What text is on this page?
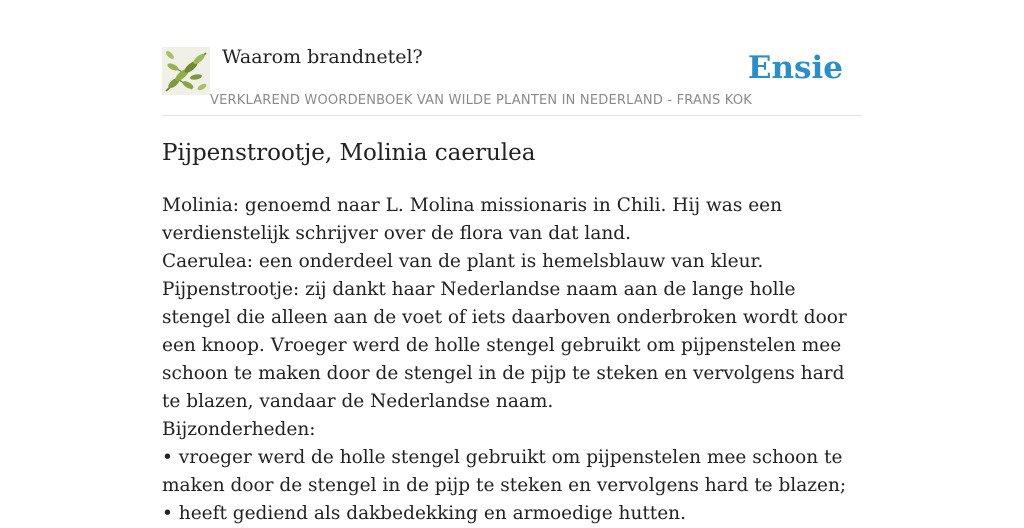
Waarom brandnetel?
VERKLAREND WOORDENBOEK VAN WILDE PLANTEN IN NEDERLAND - FRANS KOK
Ensie
Pijpenstrootje, Molinia caerulea

Molinia: genoemd naar L. Molina missionaris in Chili. Hij was een verdienstelijk schrijver over de flora van dat land.

Caerulea: een onderdeel van de plant is hemelsblauw van kleur.

Pijpenstrootje: zij dankt haar Nederlandse naam aan de lange holle stengel die alleen aan de voet of iets daarboven onderbroken wordt door een knoop. Vroeger werd de holle stengel gebruikt om pijpenstelen mee schoon te maken door de stengel in de pijp te steken en vervolgens hard te blazen, vandaar de Nederlandse naam.

Bijzonderheden:

• vroeger werd de holle stengel gebruikt om pijpenstelen mee schoon te maken door de stengel in de pijp te steken en vervolgens hard te blazen;

• heeft gediend als dakbedekking en armoedige hutten.
